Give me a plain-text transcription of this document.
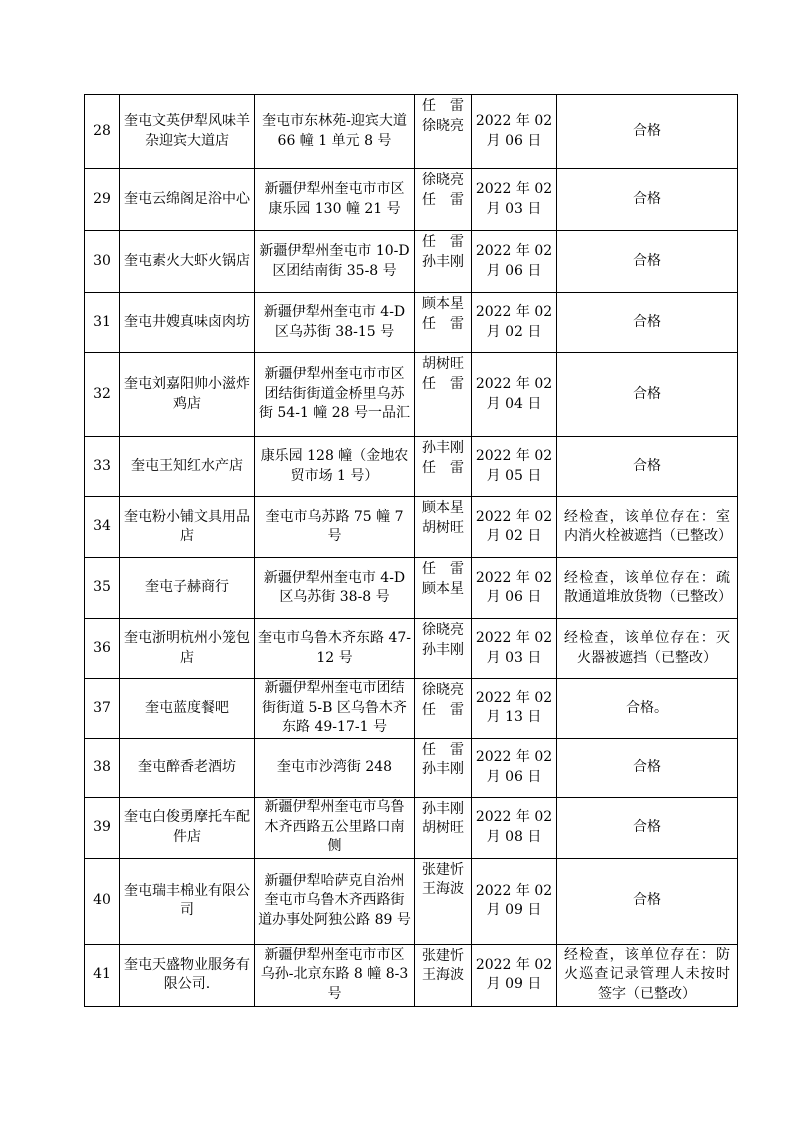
28	奎屯文英伊犁风味羊杂迎宾大道店	奎屯市东林苑-迎宾大道 66 幢 1 单元 8 号	任　雷
徐晓亮	2022 年 02 月 06 日	合格

29	奎屯云绵阁足浴中心	新疆伊犁州奎屯市市区康乐园 130 幢 21 号	徐晓亮
任　雷	2022 年 02 月 03 日	合格

30	奎屯素火大虾火锅店	新疆伊犁州奎屯市 10-D 区团结南街 35-8 号	任　雷
孙丰刚	2022 年 02 月 06 日	合格

31	奎屯井嫂真味卤肉坊	新疆伊犁州奎屯市 4-D 区乌苏街 38-15 号	顾本星
任　雷	2022 年 02 月 02 日	合格

32	奎屯刘嘉阳帅小滋炸鸡店	新疆伊犁州奎屯市市区团结街街道金桥里乌苏街 54-1 幢 28 号一品汇	胡树旺
任　雷	2022 年 02 月 04 日	合格

33	奎屯王知红水产店	康乐园 128 幢（金地农贸市场 1 号）	孙丰刚
任　雷	2022 年 02 月 05 日	合格

34	奎屯粉小铺文具用品店	奎屯市乌苏路 75 幢 7 号	顾本星
胡树旺	2022 年 02 月 02 日	经检查，该单位存在：室内消火栓被遮挡（已整改）

35	奎屯子赫商行	新疆伊犁州奎屯市 4-D 区乌苏街 38-8 号	任　雷
顾本星	2022 年 02 月 06 日	经检查，该单位存在：疏散通道堆放货物（已整改）

36	奎屯浙明杭州小笼包店	奎屯市乌鲁木齐东路 47-12 号	徐晓亮
孙丰刚	2022 年 02 月 03 日	经检查，该单位存在：灭火器被遮挡（已整改）

37	奎屯蓝度餐吧	新疆伊犁州奎屯市团结街街道 5-B 区乌鲁木齐东路 49-17-1 号	徐晓亮
任　雷	2022 年 02 月 13 日	合格。

38	奎屯醉香老酒坊	奎屯市沙湾街 248	任　雷
孙丰刚	2022 年 02 月 06 日	合格

39	奎屯白俊勇摩托车配件店	新疆伊犁州奎屯市乌鲁木齐西路五公里路口南侧	孙丰刚
胡树旺	2022 年 02 月 08 日	合格

40	奎屯瑞丰棉业有限公司	新疆伊犁哈萨克自治州奎屯市乌鲁木齐西路街道办事处阿独公路 89 号	张建忻
王海波	2022 年 02 月 09 日	合格

41	奎屯天盛物业服务有限公司.	新疆伊犁州奎屯市市区乌孙-北京东路 8 幢 8-3 号	张建忻
王海波	2022 年 02 月 09 日	经检查，该单位存在：防火巡查记录管理人未按时签字（已整改）
